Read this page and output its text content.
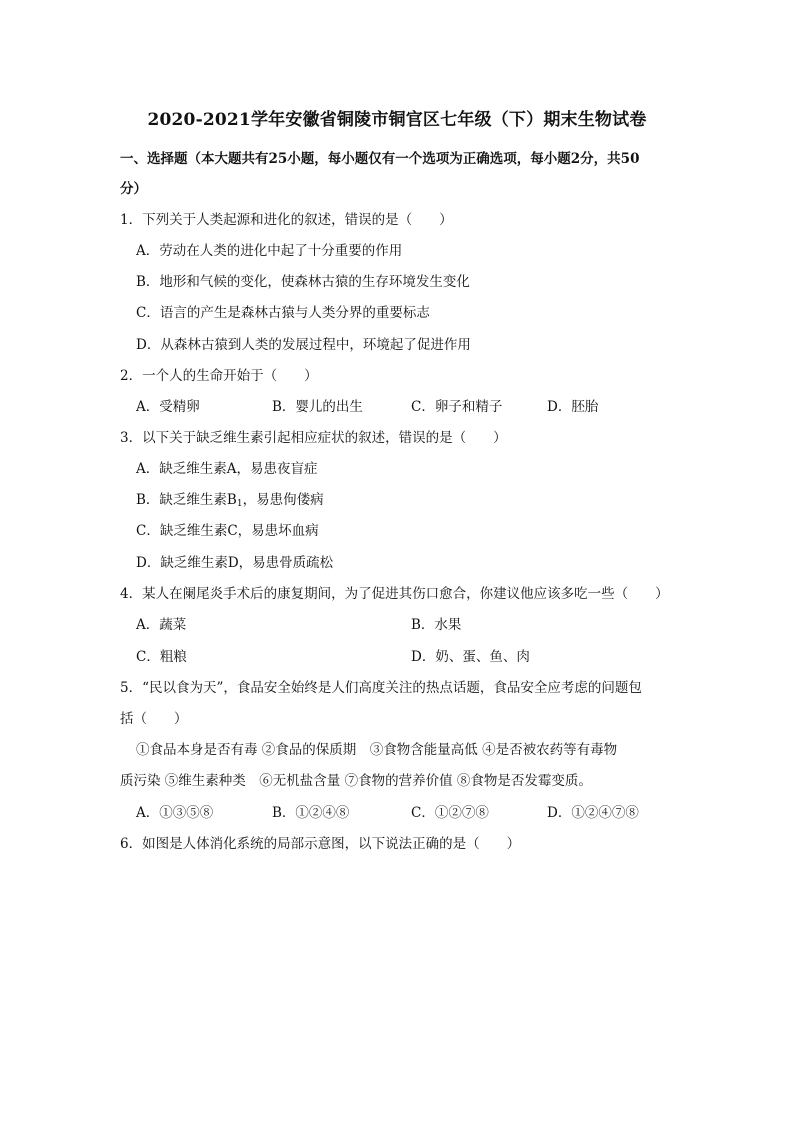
2020-2021学年安徽省铜陵市铜官区七年级（下）期末生物试卷
一、选择题（本大题共有25小题，每小题仅有一个选项为正确选项，每小题2分，共50
分）
1．下列关于人类起源和进化的叙述，错误的是（　　）
A．劳动在人类的进化中起了十分重要的作用
B．地形和气候的变化，使森林古猿的生存环境发生变化
C．语言的产生是森林古猿与人类分界的重要标志
D．从森林古猿到人类的发展过程中，环境起了促进作用
2．一个人的生命开始于（　　）
A．受精卵	B．婴儿的出生	C．卵子和精子	D．胚胎
3．以下关于缺乏维生素引起相应症状的叙述，错误的是（　　）
A．缺乏维生素A，易患夜盲症
B．缺乏维生素$B_1$，易患佝偻病
C．缺乏维生素C，易患坏血病
D．缺乏维生素D，易患骨质疏松
4．某人在阑尾炎手术后的康复期间，为了促进其伤口愈合，你建议他应该多吃一些（　　）
A．蔬菜	B．水果
C．粗粮	D．奶、蛋、鱼、肉
5．“民以食为天”，食品安全始终是人们高度关注的热点话题，食品安全应考虑的问题包
括（　　）
①食品本身是否有毒 ②食品的保质期　③食物含能量高低 ④是否被农药等有毒物
质污染 ⑤维生素种类　⑥无机盐含量 ⑦食物的营养价值 ⑧食物是否发霉变质。
A．①③⑤⑧	B．①②④⑧	C．①②⑦⑧	D．①②④⑦⑧
6．如图是人体消化系统的局部示意图，以下说法正确的是（　　）
